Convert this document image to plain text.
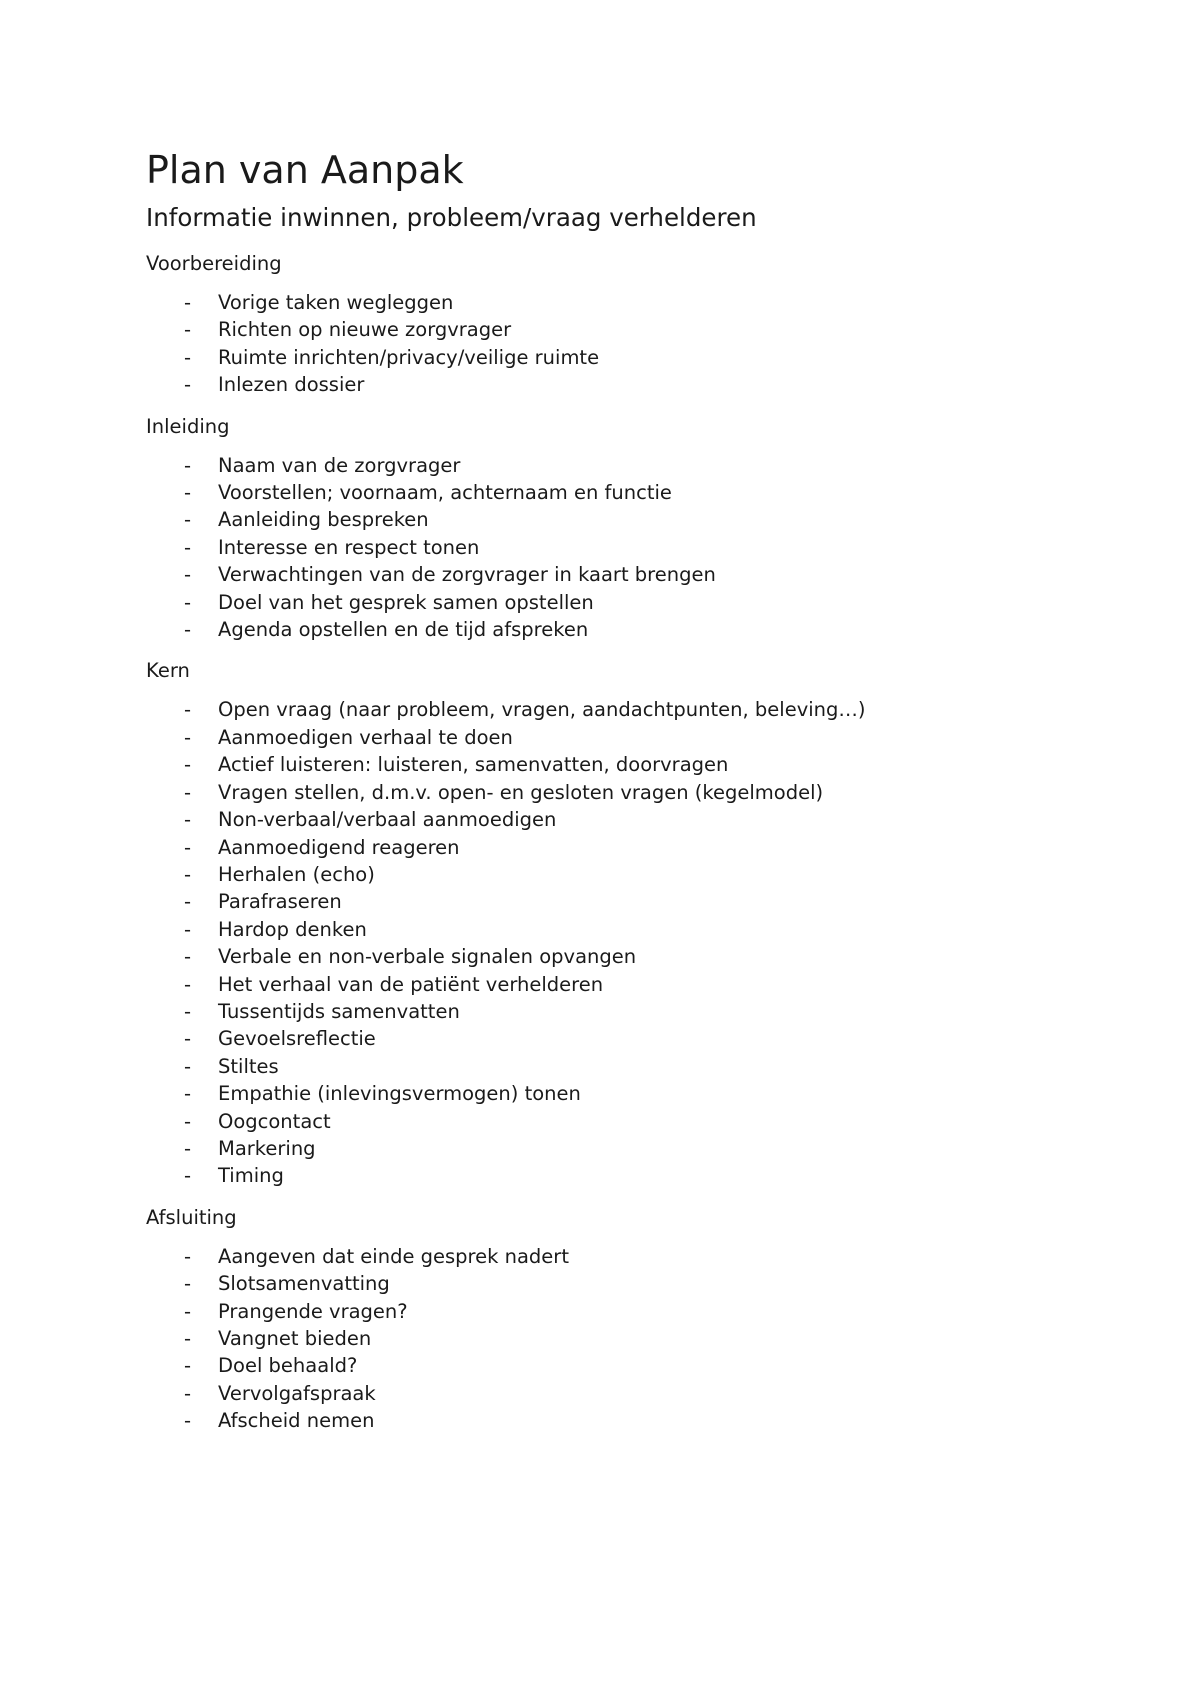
Plan van Aanpak
Informatie inwinnen, probleem/vraag verhelderen

Voorbereiding

- Vorige taken wegleggen
- Richten op nieuwe zorgvrager
- Ruimte inrichten/privacy/veilige ruimte
- Inlezen dossier

Inleiding

- Naam van de zorgvrager
- Voorstellen; voornaam, achternaam en functie
- Aanleiding bespreken
- Interesse en respect tonen
- Verwachtingen van de zorgvrager in kaart brengen
- Doel van het gesprek samen opstellen
- Agenda opstellen en de tijd afspreken

Kern

- Open vraag (naar probleem, vragen, aandachtpunten, beleving…)
- Aanmoedigen verhaal te doen
- Actief luisteren: luisteren, samenvatten, doorvragen
- Vragen stellen, d.m.v. open- en gesloten vragen (kegelmodel)
- Non-verbaal/verbaal aanmoedigen
- Aanmoedigend reageren
- Herhalen (echo)
- Parafraseren
- Hardop denken
- Verbale en non-verbale signalen opvangen
- Het verhaal van de patiënt verhelderen
- Tussentijds samenvatten
- Gevoelsreflectie
- Stiltes
- Empathie (inlevingsvermogen) tonen
- Oogcontact
- Markering
- Timing

Afsluiting

- Aangeven dat einde gesprek nadert
- Slotsamenvatting
- Prangende vragen?
- Vangnet bieden
- Doel behaald?
- Vervolgafspraak
- Afscheid nemen
